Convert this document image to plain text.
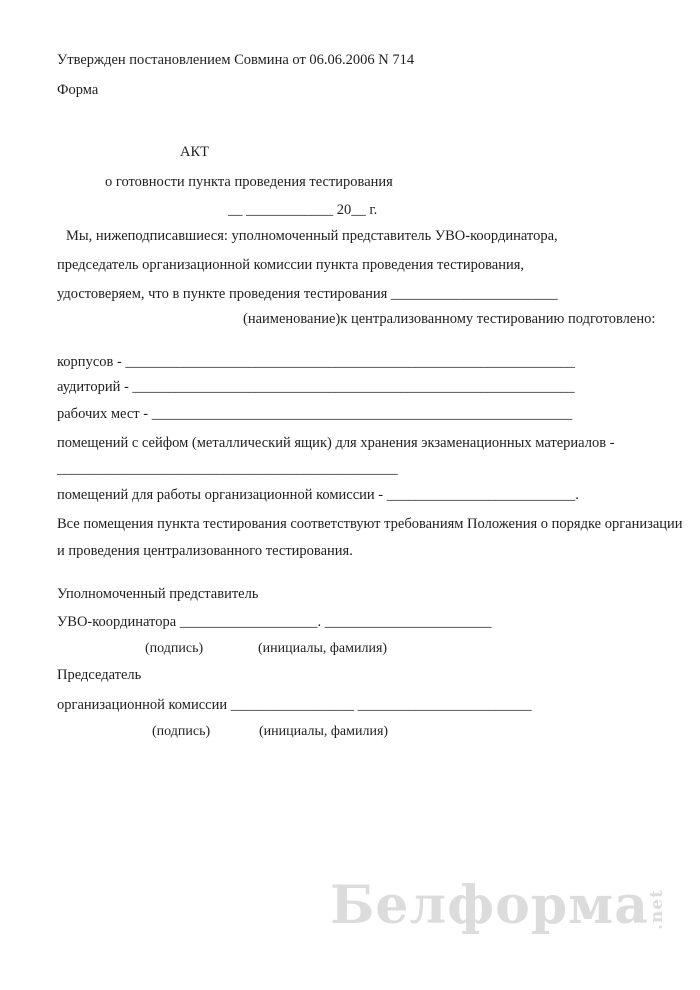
Утвержден постановлением Совмина от 06.06.2006 N 714
Форма
АКТ
о готовности пункта проведения тестирования
__ ____________ 20__ г.
Мы, нижеподписавшиеся: уполномоченный представитель УВО-координатора,
председатель организационной комиссии пункта проведения тестирования,
удостоверяем, что в пункте проведения тестирования _______________________
(наименование)к централизованному тестированию подготовлено:
корпусов - ______________________________________________________________
аудиторий - _____________________________________________________________
рабочих мест - __________________________________________________________
помещений с сейфом (металлический ящик) для хранения экзаменационных материалов -
_______________________________________________
помещений для работы организационной комиссии - __________________________.
Все помещения пункта тестирования соответствуют требованиям Положения о порядке организации
и проведения централизованного тестирования.
Уполномоченный представитель
УВО-координатора ___________________. _______________________
(подпись)	(инициалы, фамилия)
Председатель
организационной комиссии _________________ ________________________
(подпись)	(инициалы, фамилия)
Белформа
.net
